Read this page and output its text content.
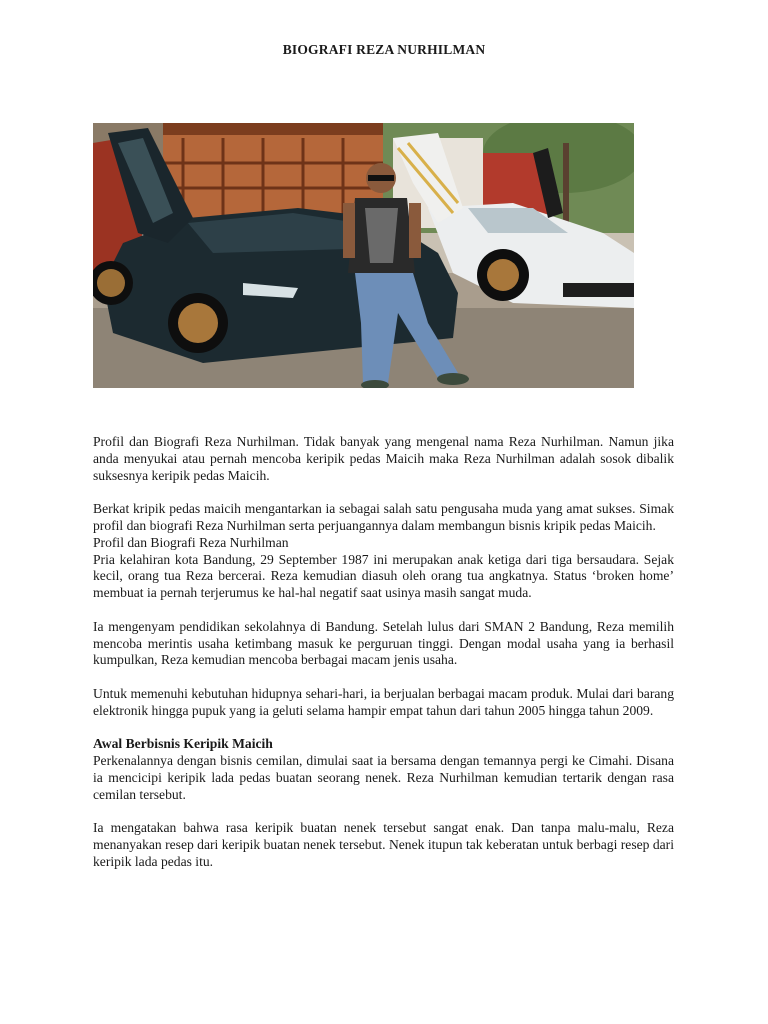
BIOGRAFI REZA NURHILMAN

Profil dan Biografi Reza Nurhilman. Tidak banyak yang mengenal nama Reza Nurhilman. Namun jika anda menyukai atau pernah mencoba keripik pedas Maicih maka Reza Nurhilman adalah sosok dibalik suksesnya keripik pedas Maicih.

Berkat kripik pedas maicih mengantarkan ia sebagai salah satu pengusaha muda yang amat sukses. Simak profil dan biografi Reza Nurhilman serta perjuangannya dalam membangun bisnis kripik pedas Maicih.

Profil dan Biografi Reza Nurhilman

Pria kelahiran kota Bandung, 29 September 1987 ini merupakan anak ketiga dari tiga bersaudara. Sejak kecil, orang tua Reza bercerai. Reza kemudian diasuh oleh orang tua angkatnya. Status ‘broken home’ membuat ia pernah terjerumus ke hal-hal negatif saat usinya masih sangat muda.

Ia mengenyam pendidikan sekolahnya di Bandung. Setelah lulus dari SMAN 2 Bandung, Reza memilih mencoba merintis usaha ketimbang masuk ke perguruan tinggi. Dengan modal usaha yang ia berhasil kumpulkan, Reza kemudian mencoba berbagai macam jenis usaha.

Untuk memenuhi kebutuhan hidupnya sehari-hari, ia berjualan berbagai macam produk. Mulai dari barang elektronik hingga pupuk yang ia geluti selama hampir empat tahun dari tahun 2005 hingga tahun 2009.

Awal Berbisnis Keripik Maicih

Perkenalannya dengan bisnis cemilan, dimulai saat ia bersama dengan temannya pergi ke Cimahi. Disana ia mencicipi keripik lada pedas buatan seorang nenek. Reza Nurhilman kemudian tertarik dengan rasa cemilan tersebut.

Ia mengatakan bahwa rasa keripik buatan nenek tersebut sangat enak. Dan tanpa malu-malu, Reza menanyakan resep dari keripik buatan nenek tersebut. Nenek itupun tak keberatan untuk berbagi resep dari keripik lada pedas itu.
